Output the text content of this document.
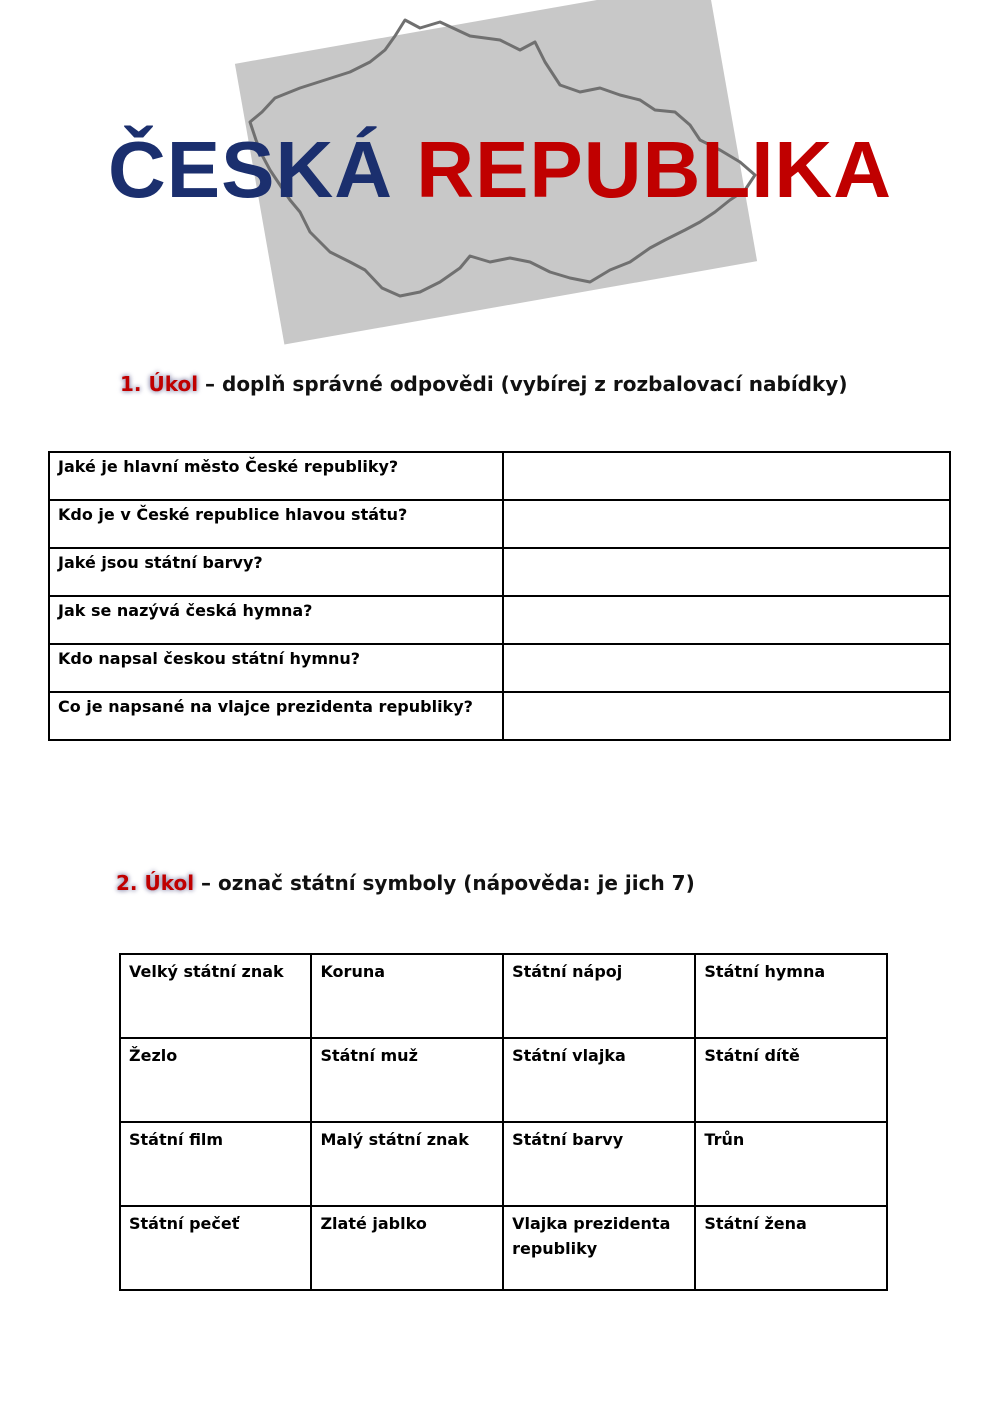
ČESKÁ REPUBLIKA
1. Úkol – doplň správné odpovědi (vybírej z rozbalovací nabídky)
Jaké je hlavní město České republiky?	
Kdo je v České republice hlavou státu?	
Jaké jsou státní barvy?	
Jak se nazývá česká hymna?	
Kdo napsal českou státní hymnu?	
Co je napsané na vlajce prezidenta republiky?	
2. Úkol – označ státní symboly (nápověda: je jich 7)
Velký státní znak	Koruna	Státní nápoj	Státní hymna
Žezlo	Státní muž	Státní vlajka	Státní dítě
Státní film	Malý státní znak	Státní barvy	Trůn
Státní pečeť	Zlaté jablko	Vlajka prezidenta republiky	Státní žena
